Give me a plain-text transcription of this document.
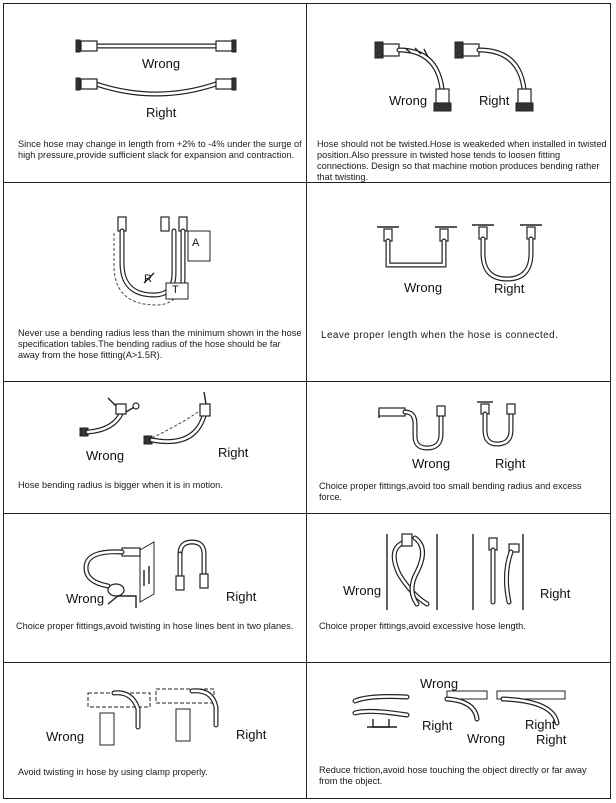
Wrong
Right
Since hose may change in length from +2% to -4% under the surge of high pressure,provide sufficient slack for expansion and contraction.
Wrong	Right
Hose should not be twisted.Hose is weakeded when installed in twisted position.Also pressure in twisted hose tends to loosen fitting connections. Design so that machine motion produces bending rather that twisting.
A
R
T
Never use a bending radius less than the minimum shown in the hose specification tables.The bending radius of the hose should be far away from the hose fitting(A>1.5R).
Wrong	Right
Leave proper length when the hose is connected.
Wrong	Right
Hose bending radius is bigger when it is in motion.
Wrong	Right
Choice proper fittings,avoid too small bending radius and excess force.
Wrong	Right
Choice proper fittings,avoid twisting in hose lines bent in two planes.
Wrong	Right
Choice proper fittings,avoid excessive hose length.
Wrong	Right
Avoid twisting in hose by using clamp properly.
Wrong
Right	Right
Wrong Right
Reduce friction,avoid hose touching the object directly or far away from the object.
